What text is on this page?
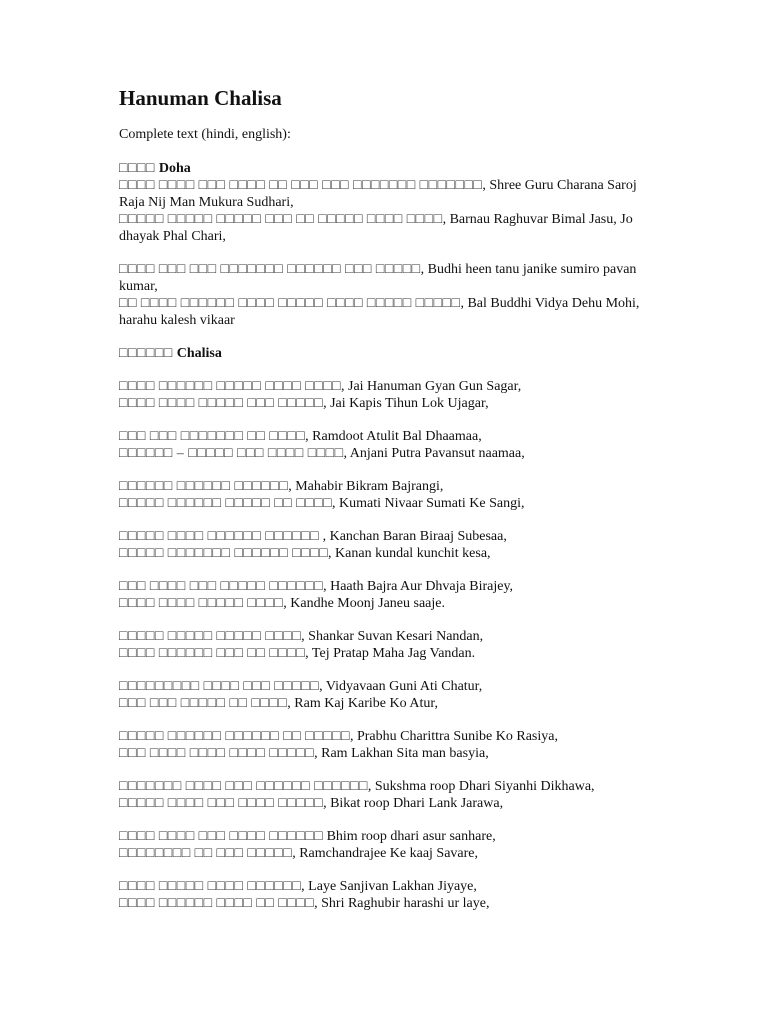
Hanuman Chalisa

Complete text (hindi, english):

□□□□ Doha

□□□□ □□□□ □□□ □□□□ □□ □□□ □□□ □□□□□□□ □□□□□□□, Shree Guru Charana Saroj Raja Nij Man Mukura Sudhari,

□□□□□ □□□□□ □□□□□ □□□ □□ □□□□□ □□□□ □□□□, Barnau Raghuvar Bimal Jasu, Jo dhayak Phal Chari,

□□□□ □□□ □□□ □□□□□□□ □□□□□□ □□□ □□□□□, Budhi heen tanu janike sumiro pavan kumar,

□□ □□□□ □□□□□□ □□□□ □□□□□ □□□□ □□□□□ □□□□□, Bal Buddhi Vidya Dehu Mohi, harahu kalesh vikaar

□□□□□□ Chalisa

□□□□ □□□□□□ □□□□□ □□□□ □□□□, Jai Hanuman Gyan Gun Sagar,

□□□□ □□□□ □□□□□ □□□ □□□□□, Jai Kapis Tihun Lok Ujagar,

□□□ □□□ □□□□□□□ □□ □□□□, Ramdoot Atulit Bal Dhaamaa,

□□□□□□ – □□□□□ □□□ □□□□ □□□□, Anjani Putra Pavansut naamaa,

□□□□□□ □□□□□□ □□□□□□, Mahabir Bikram Bajrangi,

□□□□□ □□□□□□ □□□□□ □□ □□□□, Kumati Nivaar Sumati Ke Sangi,

□□□□□ □□□□ □□□□□□ □□□□□□ , Kanchan Baran Biraaj Subesaa,

□□□□□ □□□□□□□ □□□□□□ □□□□, Kanan kundal kunchit kesa,

□□□ □□□□ □□□ □□□□□ □□□□□□, Haath Bajra Aur Dhvaja Birajey,

□□□□ □□□□ □□□□□ □□□□, Kandhe Moonj Janeu saaje.

□□□□□ □□□□□ □□□□□ □□□□, Shankar Suvan Kesari Nandan,

□□□□ □□□□□□ □□□ □□ □□□□, Tej Pratap Maha Jag Vandan.

□□□□□□□□□ □□□□ □□□ □□□□□, Vidyavaan Guni Ati Chatur,

□□□ □□□ □□□□□ □□ □□□□, Ram Kaj Karibe Ko Atur,

□□□□□ □□□□□□ □□□□□□ □□ □□□□□, Prabhu Charittra Sunibe Ko Rasiya,

□□□ □□□□ □□□□ □□□□ □□□□□, Ram Lakhan Sita man basyia,

□□□□□□□ □□□□ □□□ □□□□□□ □□□□□□, Sukshma roop Dhari Siyanhi Dikhawa,

□□□□□ □□□□ □□□ □□□□ □□□□□, Bikat roop Dhari Lank Jarawa,

□□□□ □□□□ □□□ □□□□ □□□□□□ Bhim roop dhari asur sanhare,

□□□□□□□□ □□ □□□ □□□□□, Ramchandrajee Ke kaaj Savare,

□□□□ □□□□□ □□□□ □□□□□□, Laye Sanjivan Lakhan Jiyaye,

□□□□ □□□□□□ □□□□ □□ □□□□, Shri Raghubir harashi ur laye,
